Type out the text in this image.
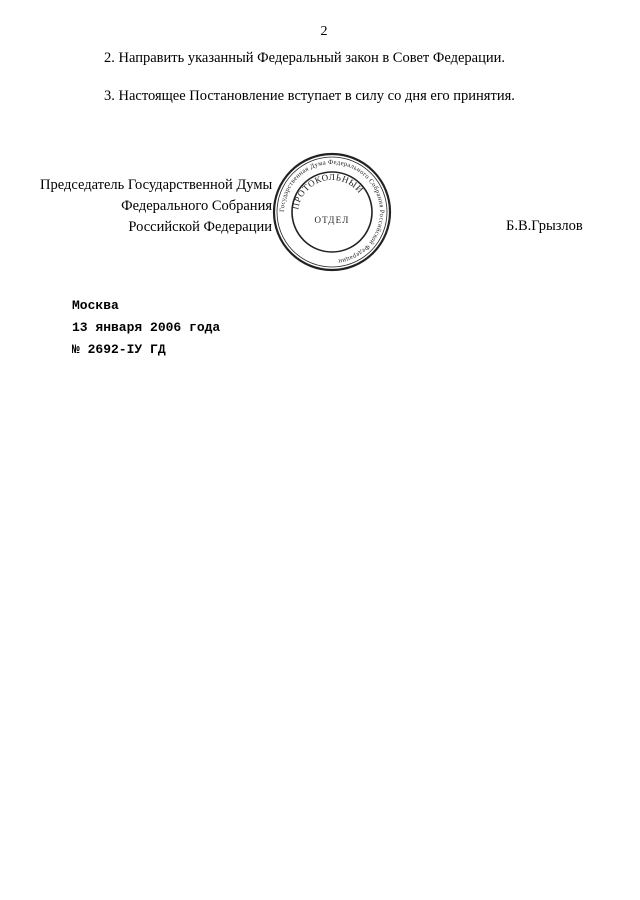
2
2. Направить указанный Федеральный закон в Совет Федерации.
3. Настоящее Постановление вступает в силу со дня его принятия.
Председатель Государственной Думы
Федерального Собрания
Российской Федерации
Государственная Дума Федерального Собрания Российской Федерации
ПРОТОКОЛЬНЫЙ
ОТДЕЛ	Б.В.Грызлов
Москва
13 января 2006 года
№ 2692-IУ ГД
